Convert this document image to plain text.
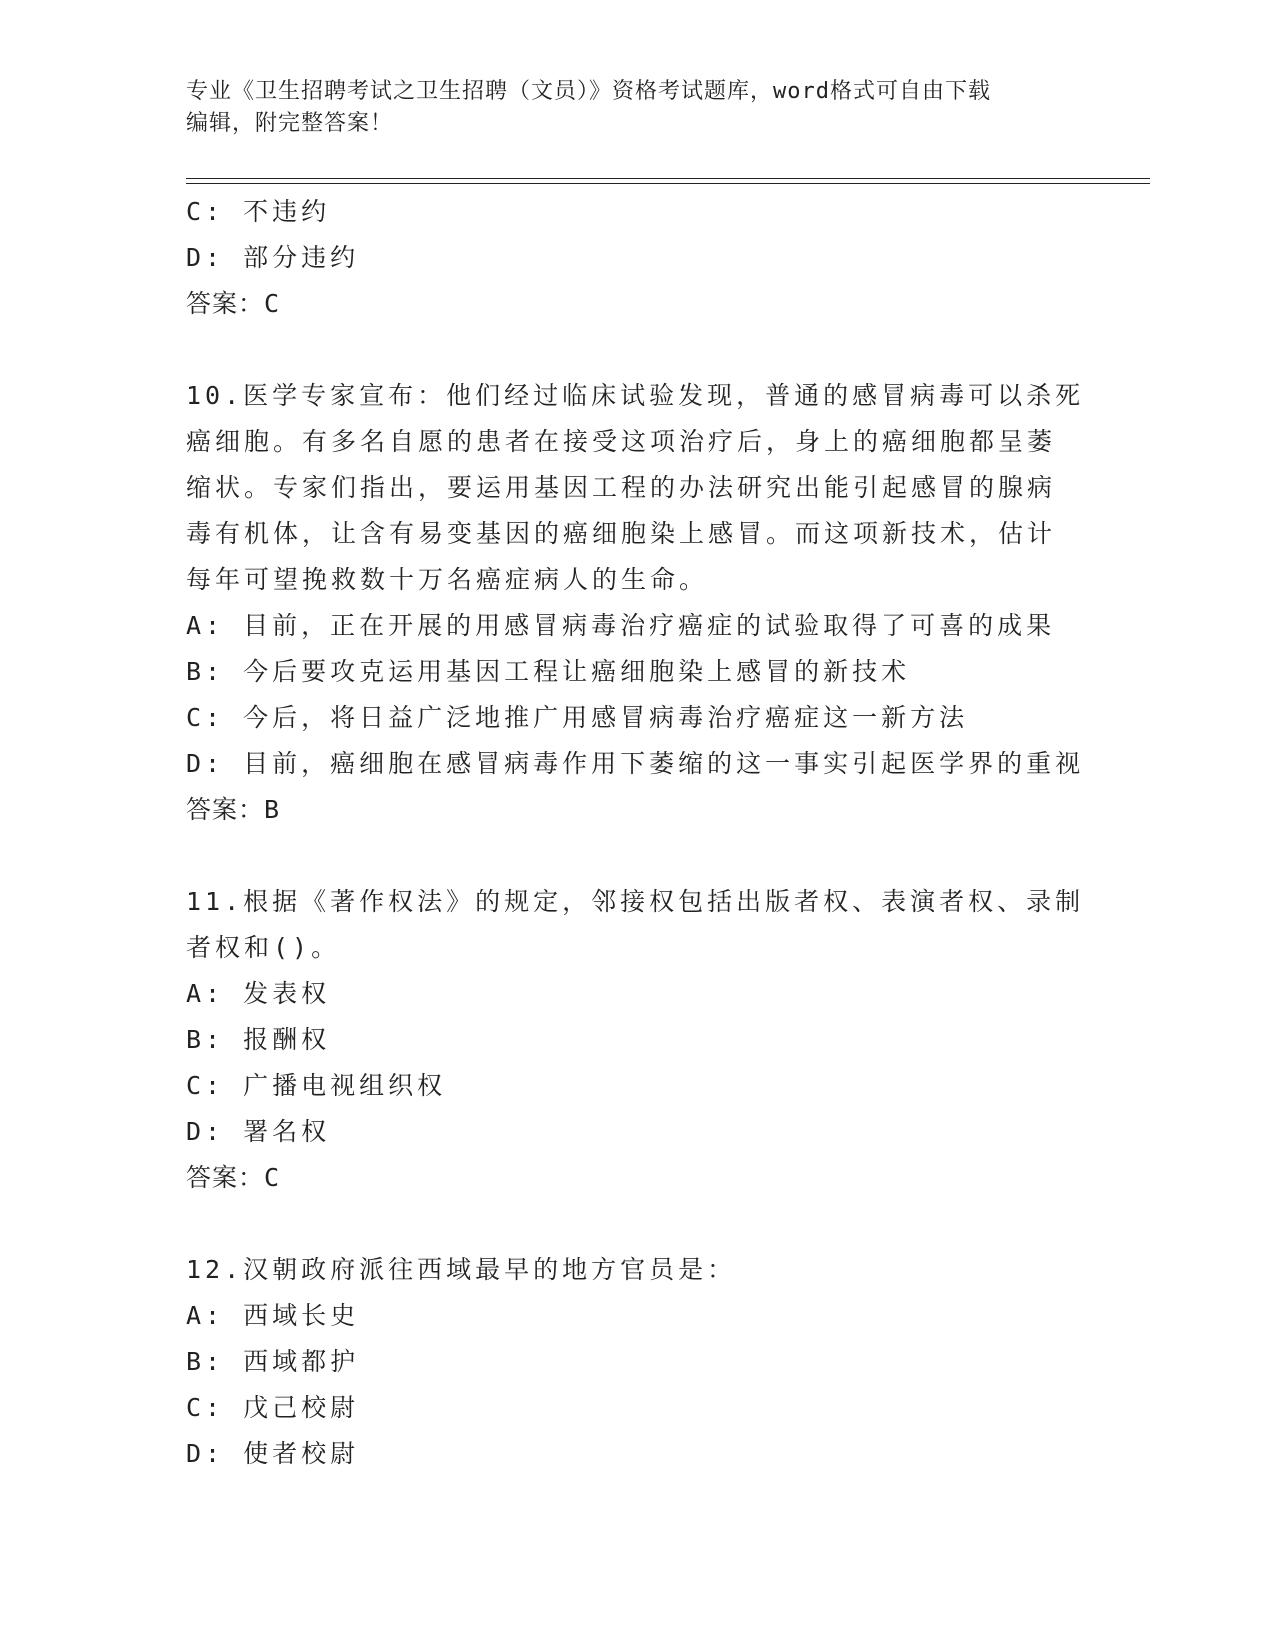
专业《卫生招聘考试之卫生招聘（文员）》资格考试题库，word格式可自由下载
编辑，附完整答案！
C: 不违约
D: 部分违约
答案：C
10.医学专家宣布：他们经过临床试验发现，普通的感冒病毒可以杀死
癌细胞。有多名自愿的患者在接受这项治疗后，身上的癌细胞都呈萎
缩状。专家们指出，要运用基因工程的办法研究出能引起感冒的腺病
毒有机体，让含有易变基因的癌细胞染上感冒。而这项新技术，估计
每年可望挽救数十万名癌症病人的生命。
A: 目前，正在开展的用感冒病毒治疗癌症的试验取得了可喜的成果
B: 今后要攻克运用基因工程让癌细胞染上感冒的新技术
C: 今后，将日益广泛地推广用感冒病毒治疗癌症这一新方法
D: 目前，癌细胞在感冒病毒作用下萎缩的这一事实引起医学界的重视
答案：B
11.根据《著作权法》的规定，邻接权包括出版者权、表演者权、录制
者权和()。
A: 发表权
B: 报酬权
C: 广播电视组织权
D: 署名权
答案：C
12.汉朝政府派往西域最早的地方官员是：
A: 西域长史
B: 西域都护
C: 戊己校尉
D: 使者校尉
